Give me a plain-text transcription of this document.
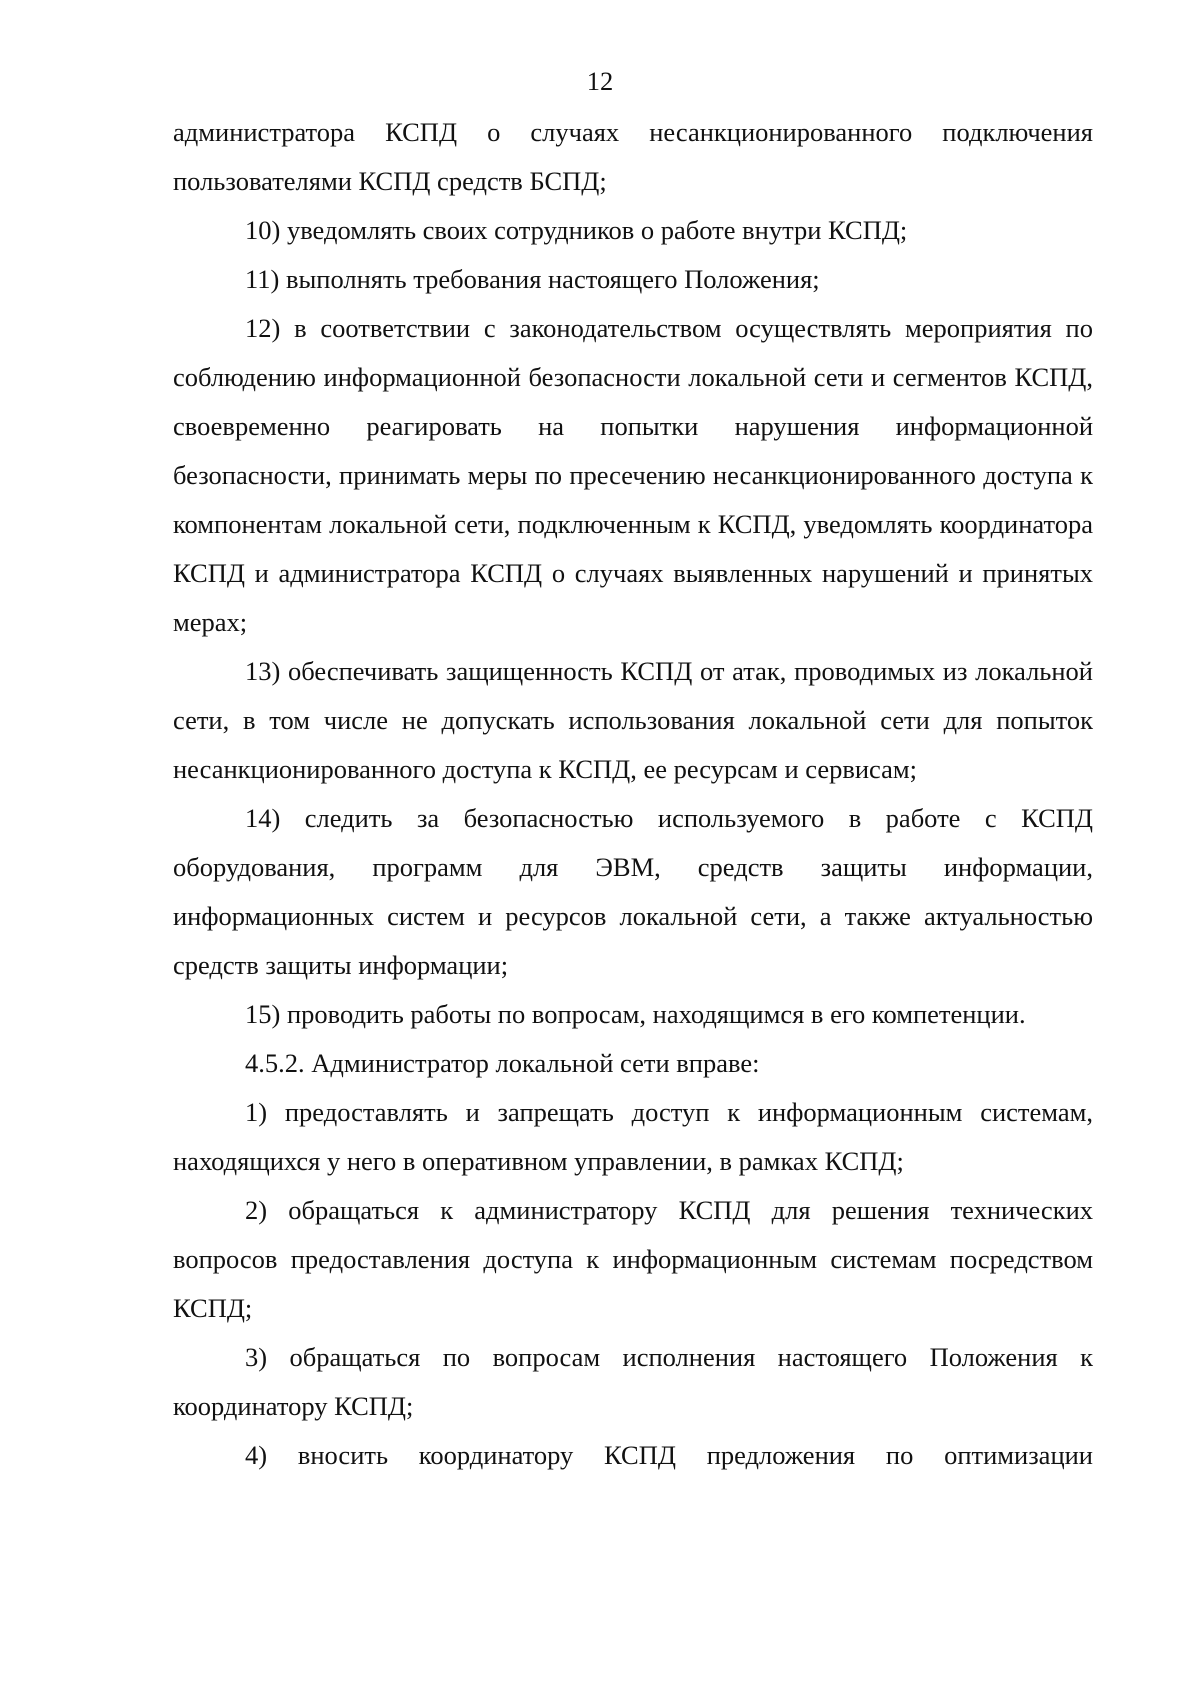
12

администратора КСПД о случаях несанкционированного подключения пользователями КСПД средств БСПД;

10) уведомлять своих сотрудников о работе внутри КСПД;

11) выполнять требования настоящего Положения;

12) в соответствии с законодательством осуществлять мероприятия по соблюдению информационной безопасности локальной сети и сегментов КСПД, своевременно реагировать на попытки нарушения информационной безопасности, принимать меры по пресечению несанкционированного доступа к компонентам локальной сети, подключенным к КСПД, уведомлять координатора КСПД и администратора КСПД о случаях выявленных нарушений и принятых мерах;

13) обеспечивать защищенность КСПД от атак, проводимых из локальной сети, в том числе не допускать использования локальной сети для попыток несанкционированного доступа к КСПД, ее ресурсам и сервисам;

14) следить за безопасностью используемого в работе с КСПД оборудования, программ для ЭВМ, средств защиты информации, информационных систем и ресурсов локальной сети, а также актуальностью средств защиты информации;

15) проводить работы по вопросам, находящимся в его компетенции.

4.5.2. Администратор локальной сети вправе:

1) предоставлять и запрещать доступ к информационным системам, находящихся у него в оперативном управлении, в рамках КСПД;

2) обращаться к администратору КСПД для решения технических вопросов предоставления доступа к информационным системам посредством КСПД;

3) обращаться по вопросам исполнения настоящего Положения к координатору КСПД;

4) вносить координатору КСПД предложения по оптимизации
